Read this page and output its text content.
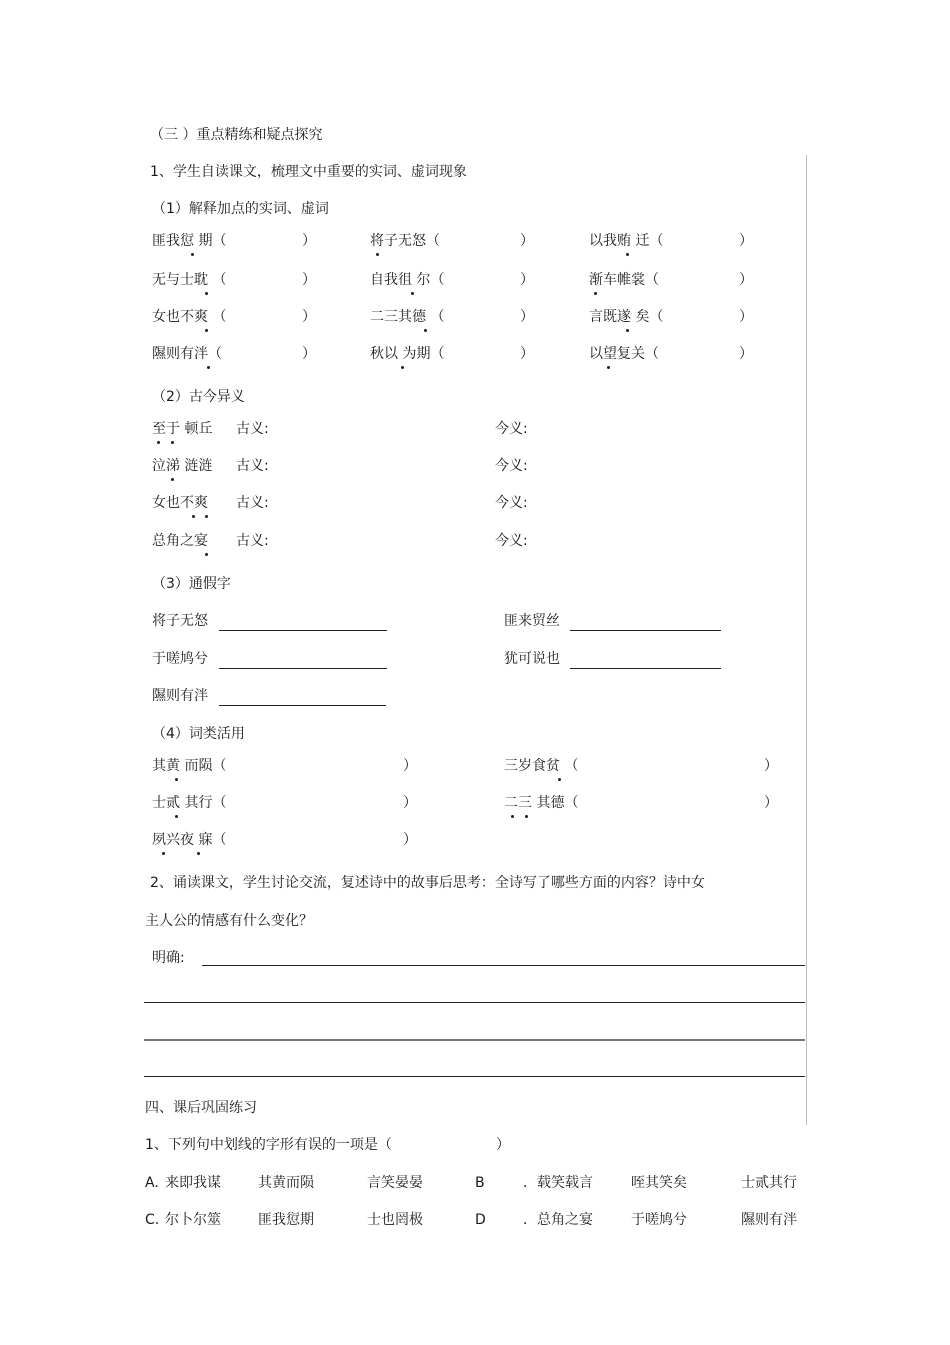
（三 ）重点精练和疑点探究
1、学生自读课文，梳理文中重要的实词、虚词现象
（1）解释加点的实词、虚词
匪我愆 期（	）	将子无怒（	）	以我贿 迁（	）
无与士耽 （	）	自我徂 尔（	）	渐车帷裳（	）
女也不爽 （	）	二三其德 （	）	言既遂 矣（	）
隰则有泮（	）	秋以 为期（	）	以望复关（	）
（2）古今异义
至于 顿丘 古义:	今义:
泣涕 涟涟 古义:	今义:
女也不爽 古义:	今义:
总角之宴 古义:	今义:
（3）通假字
将子无怒	匪来贸丝
于嗟鸠兮	犹可说也
隰则有泮
（4）词类活用
其黄 而陨（	）	三岁食贫 （	）
士贰 其行（	）	二三 其德（	）
夙兴夜 寐（	）
2、诵读课文，学生讨论交流，复述诗中的故事后思考：全诗写了哪些方面的内容？诗中女
主人公的情感有什么变化？
明确:
四、课后巩固练习
1、下列句中划线的字形有误的一项是（	）
A. 来即我谋	其黄而陨	言笑晏晏	B	．载笑载言	咥其笑矣	士贰其行
C. 尔卜尔筮	匪我愆期	士也罔极	D	．总角之宴	于嗟鸠兮	隰则有泮
